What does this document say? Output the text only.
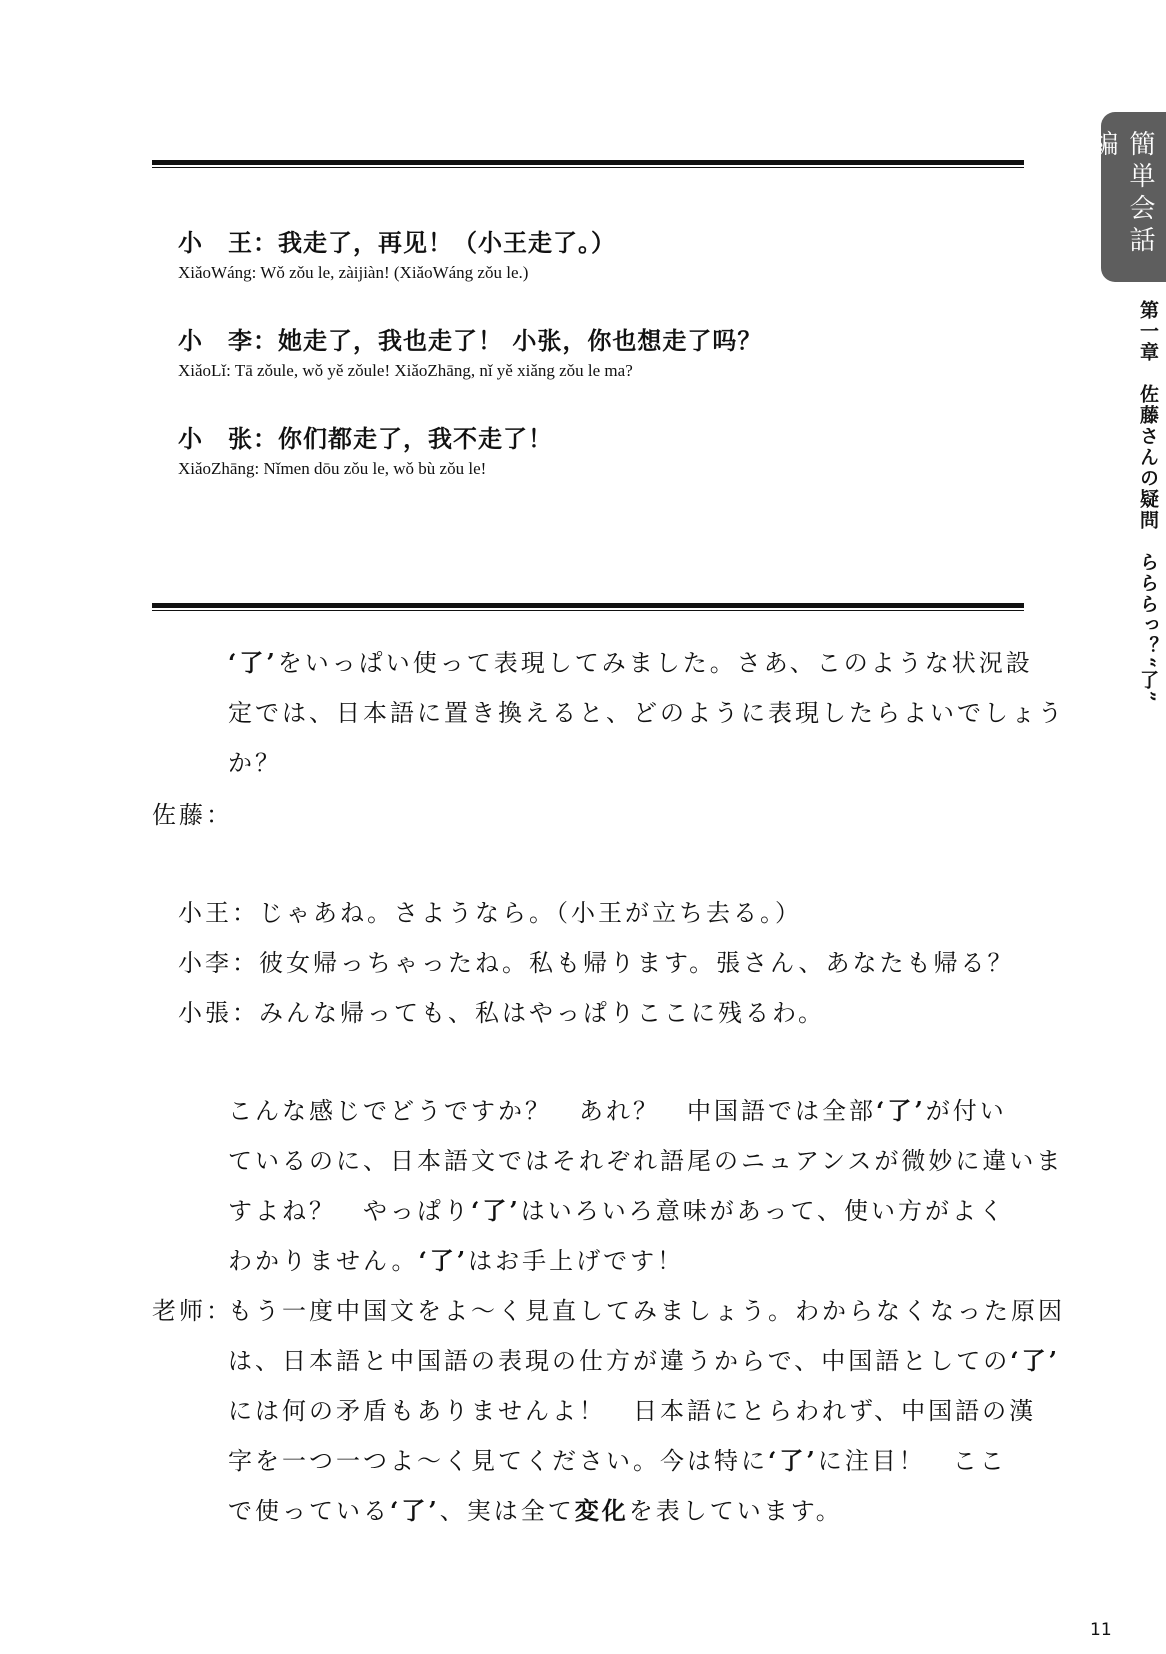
簡単会話編
第一章　佐藤さんの疑問　らららっ？“了”
小　王：我走了，再见！（小王走了。）
XiǎoWáng: Wǒ zǒu le, zàijiàn! (XiǎoWáng zǒu le.)
小　李：她走了，我也走了！ 小张，你也想走了吗？
XiǎoLǐ: Tā zǒule, wǒ yě zǒule! XiǎoZhāng, nǐ yě xiǎng zǒu le ma?
小　张：你们都走了，我不走了！
XiǎoZhāng: Nǐmen dōu zǒu le, wǒ bù zǒu le!
‘了’をいっぱい使って表現してみました。さあ、このような状況設
定では、日本語に置き換えると、どのように表現したらよいでしょう
か？
佐藤：
小王：じゃあね。さようなら。（小王が立ち去る。）
小李：彼女帰っちゃったね。私も帰ります。張さん、あなたも帰る？
小張：みんな帰っても、私はやっぱりここに残るわ。
こんな感じでどうですか？　あれ？　中国語では全部‘了’が付い
ているのに、日本語文ではそれぞれ語尾のニュアンスが微妙に違いま
すよね？　やっぱり‘了’はいろいろ意味があって、使い方がよく
わかりません。‘了’はお手上げです！
老师：
もう一度中国文をよ～く見直してみましょう。わからなくなった原因
は、日本語と中国語の表現の仕方が違うからで、中国語としての‘了’
には何の矛盾もありませんよ！　日本語にとらわれず、中国語の漢
字を一つ一つよ～く見てください。今は特に‘了’に注目！　ここ
で使っている‘了’、実は全て変化を表しています。
11
